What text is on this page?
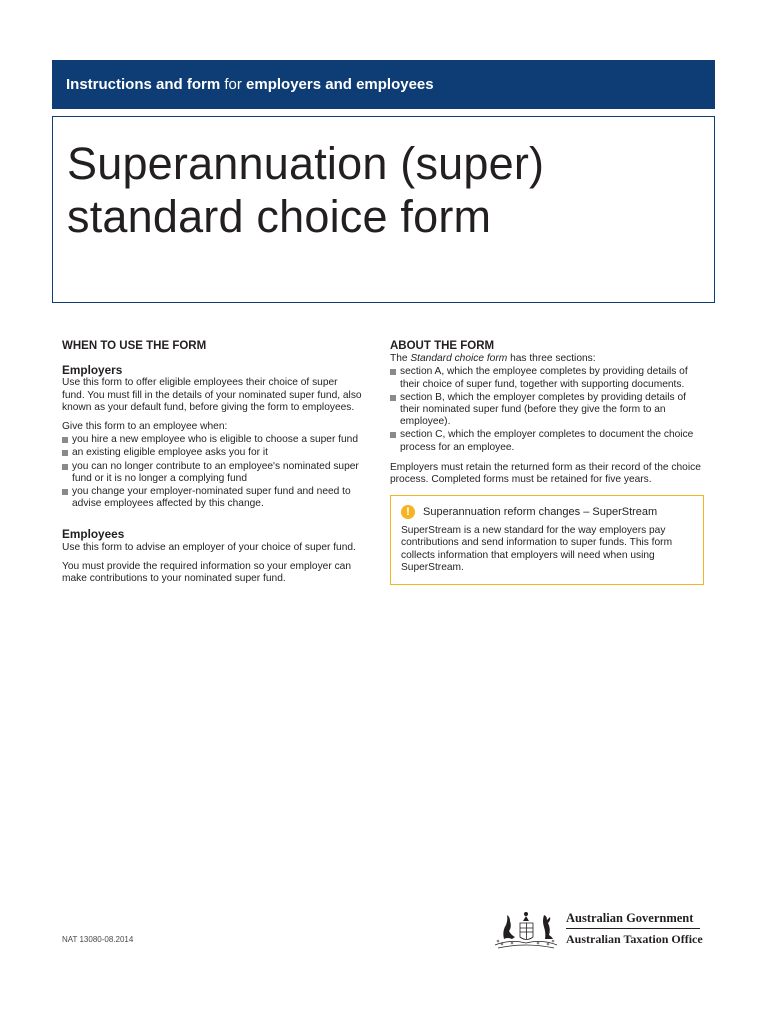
Instructions and form for employers and employees
Superannuation (super)
standard choice form
WHEN TO USE THE FORM
Employers

Use this form to offer eligible employees their choice of super fund. You must fill in the details of your nominated super fund, also known as your default fund, before giving the form to employees.

Give this form to an employee when:

you hire a new employee who is eligible to choose a super fund
an existing eligible employee asks you for it
you can no longer contribute to an employee's nominated super fund or it is no longer a complying fund
you change your employer-nominated super fund and need to advise employees affected by this change.
Employees

Use this form to advise an employer of your choice of super fund.

You must provide the required information so your employer can make contributions to your nominated super fund.

ABOUT THE FORM

The Standard choice form has three sections:

section A, which the employee completes by providing details of their choice of super fund, together with supporting documents.
section B, which the employer completes by providing details of their nominated super fund (before they give the form to an employee).
section C, which the employer completes to document the choice process for an employee.

Employers must retain the returned form as their record of the choice process. Completed forms must be retained for five years.

!	Superannuation reform changes – SuperStream
SuperStream is a new standard for the way employers pay contributions and send information to super funds. This form collects information that employers will need when using SuperStream.
NAT 13080-08.2014
Australian Government
Australian Taxation Office
